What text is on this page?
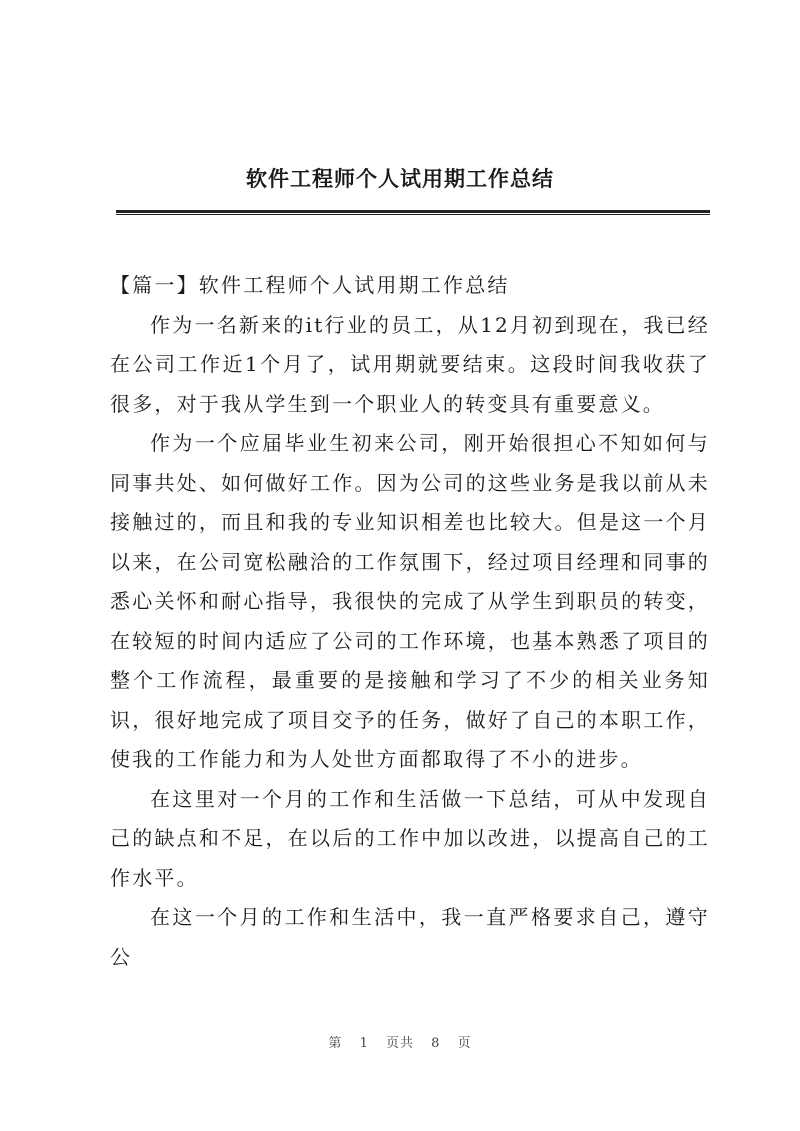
软件工程师个人试用期工作总结

【篇一】软件工程师个人试用期工作总结

作为一名新来的it行业的员工，从12月初到现在，我已经在公司工作近1个月了，试用期就要结束。这段时间我收获了很多，对于我从学生到一个职业人的转变具有重要意义。

作为一个应届毕业生初来公司，刚开始很担心不知如何与同事共处、如何做好工作。因为公司的这些业务是我以前从未接触过的，而且和我的专业知识相差也比较大。但是这一个月以来，在公司宽松融洽的工作氛围下，经过项目经理和同事的悉心关怀和耐心指导，我很快的完成了从学生到职员的转变，在较短的时间内适应了公司的工作环境，也基本熟悉了项目的整个工作流程，最重要的是接触和学习了不少的相关业务知识，很好地完成了项目交予的任务，做好了自己的本职工作，使我的工作能力和为人处世方面都取得了不小的进步。

在这里对一个月的工作和生活做一下总结，可从中发现自己的缺点和不足，在以后的工作中加以改进，以提高自己的工作水平。

在这一个月的工作和生活中，我一直严格要求自己，遵守公

第 1 页共 8 页
